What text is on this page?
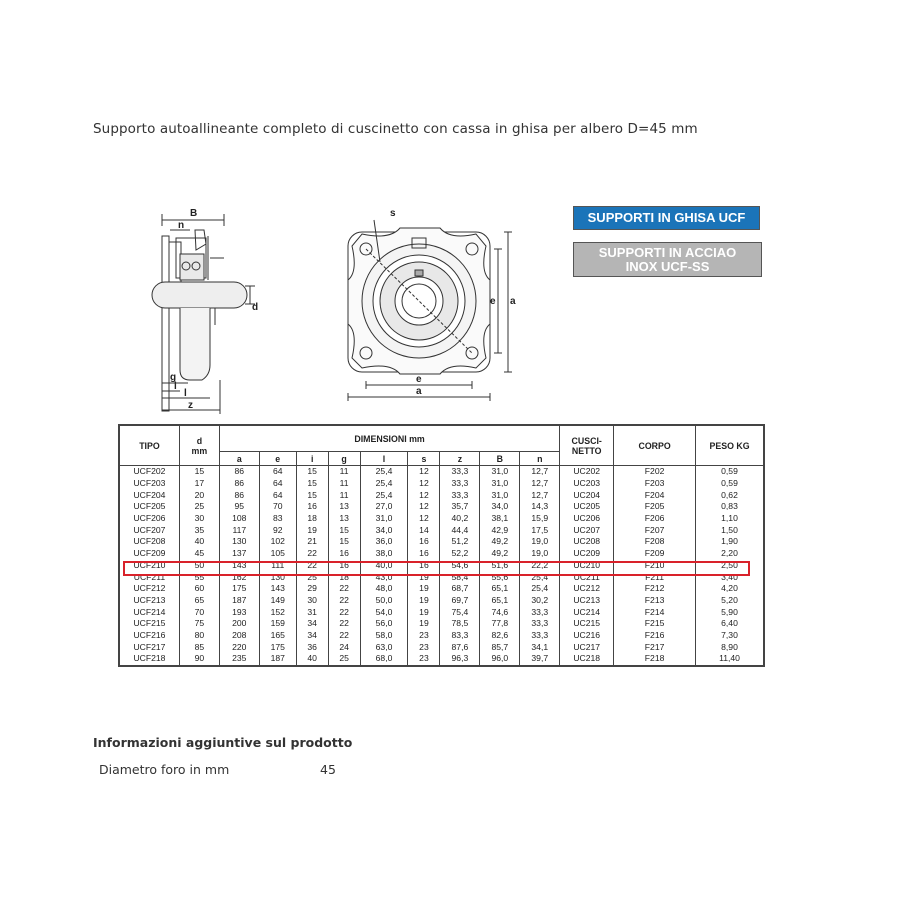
Supporto autoallineante completo di cuscinetto con cassa in ghisa per albero D=45 mm
B
n
d
g
i
l
z
s
e a
e
a
SUPPORTI IN GHISA UCF
SUPPORTI IN ACCIAO
INOX UCF-SS
TIPO	d
mm	DIMENSIONI mm									CUSCI-
NETTO	CORPO	PESO KG
		a	e	i	g	l	s	z	B	n			
UCF202	15	86	64	15	11	25,4	12	33,3	31,0	12,7	UC202	F202	0,59
UCF203	17	86	64	15	11	25,4	12	33,3	31,0	12,7	UC203	F203	0,59
UCF204	20	86	64	15	11	25,4	12	33,3	31,0	12,7	UC204	F204	0,62
UCF205	25	95	70	16	13	27,0	12	35,7	34,0	14,3	UC205	F205	0,83
UCF206	30	108	83	18	13	31,0	12	40,2	38,1	15,9	UC206	F206	1,10
UCF207	35	117	92	19	15	34,0	14	44,4	42,9	17,5	UC207	F207	1,50
UCF208	40	130	102	21	15	36,0	16	51,2	49,2	19,0	UC208	F208	1,90
UCF209	45	137	105	22	16	38,0	16	52,2	49,2	19,0	UC209	F209	2,20
UCF210	50	143	111	22	16	40,0	16	54,6	51,6	22,2	UC210	F210	2,50
UCF211	55	162	130	25	18	43,0	19	58,4	55,6	25,4	UC211	F211	3,40
UCF212	60	175	143	29	22	48,0	19	68,7	65,1	25,4	UC212	F212	4,20
UCF213	65	187	149	30	22	50,0	19	69,7	65,1	30,2	UC213	F213	5,20
UCF214	70	193	152	31	22	54,0	19	75,4	74,6	33,3	UC214	F214	5,90
UCF215	75	200	159	34	22	56,0	19	78,5	77,8	33,3	UC215	F215	6,40
UCF216	80	208	165	34	22	58,0	23	83,3	82,6	33,3	UC216	F216	7,30
UCF217	85	220	175	36	24	63,0	23	87,6	85,7	34,1	UC217	F217	8,90
UCF218	90	235	187	40	25	68,0	23	96,3	96,0	39,7	UC218	F218	11,40
Informazioni aggiuntive sul prodotto
Diametro foro in mm	45
